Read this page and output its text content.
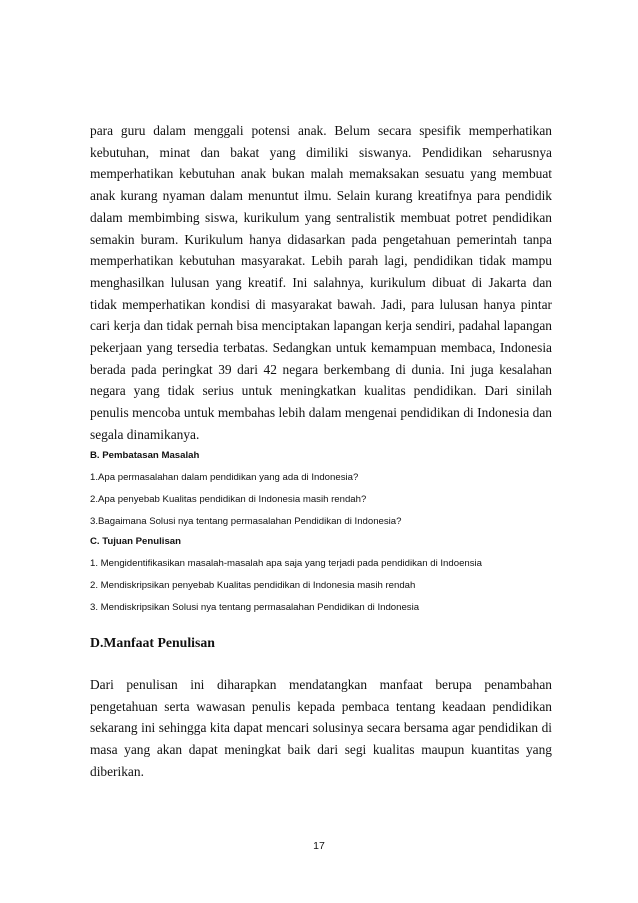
para guru dalam menggali potensi anak. Belum secara spesifik memperhatikan kebutuhan, minat dan bakat yang dimiliki siswanya. Pendidikan seharusnya memperhatikan kebutuhan anak bukan malah memaksakan sesuatu yang membuat anak kurang nyaman dalam menuntut ilmu. Selain kurang kreatifnya para pendidik dalam membimbing siswa, kurikulum yang sentralistik membuat potret pendidikan semakin buram. Kurikulum hanya didasarkan pada pengetahuan pemerintah tanpa memperhatikan kebutuhan masyarakat. Lebih parah lagi, pendidikan tidak mampu menghasilkan lulusan yang kreatif. Ini salahnya, kurikulum dibuat di Jakarta dan tidak memperhatikan kondisi di masyarakat bawah. Jadi, para lulusan hanya pintar cari kerja dan tidak pernah bisa menciptakan lapangan kerja sendiri, padahal lapangan pekerjaan yang tersedia terbatas. Sedangkan untuk kemampuan membaca, Indonesia berada pada peringkat 39 dari 42 negara berkembang di dunia. Ini juga kesalahan negara yang tidak serius untuk meningkatkan kualitas pendidikan. Dari sinilah penulis mencoba untuk membahas lebih dalam mengenai pendidikan di Indonesia dan segala dinamikanya.

B. Pembatasan Masalah

1.Apa permasalahan dalam pendidikan yang ada di Indonesia?

2.Apa penyebab Kualitas pendidikan di Indonesia masih rendah?

3.Bagaimana Solusi nya tentang permasalahan Pendidikan di Indonesia?

C. Tujuan Penulisan

1. Mengidentifikasikan masalah-masalah apa saja yang terjadi pada pendidikan di Indoensia

2. Mendiskripsikan penyebab Kualitas pendidikan di Indonesia masih rendah

3. Mendiskripsikan Solusi nya tentang permasalahan Pendidikan di Indonesia

D.Manfaat Penulisan

Dari penulisan ini diharapkan mendatangkan manfaat berupa penambahan pengetahuan serta wawasan penulis kepada pembaca tentang keadaan pendidikan sekarang ini sehingga kita dapat mencari solusinya secara bersama agar pendidikan di masa yang akan dapat meningkat baik dari segi kualitas maupun kuantitas yang diberikan.

17
